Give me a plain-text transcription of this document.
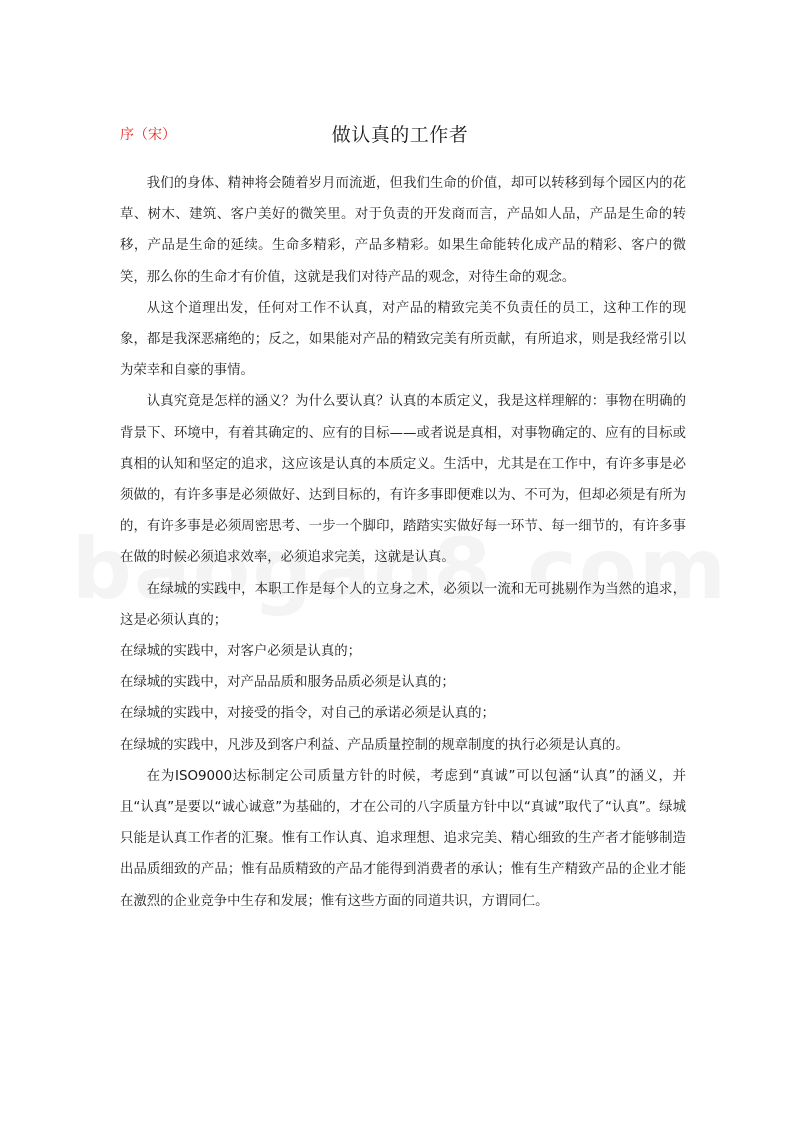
序（宋）	做认真的工作者

我们的身体、精神将会随着岁月而流逝，但我们生命的价值，却可以转移到每个园区内的花草、树木、建筑、客户美好的微笑里。对于负责的开发商而言，产品如人品，产品是生命的转移，产品是生命的延续。生命多精彩，产品多精彩。如果生命能转化成产品的精彩、客户的微笑，那么你的生命才有价值，这就是我们对待产品的观念，对待生命的观念。

从这个道理出发，任何对工作不认真，对产品的精致完美不负责任的员工，这种工作的现象，都是我深恶痛绝的；反之，如果能对产品的精致完美有所贡献，有所追求，则是我经常引以为荣幸和自豪的事情。

认真究竟是怎样的涵义？为什么要认真？认真的本质定义，我是这样理解的：事物在明确的背景下、环境中，有着其确定的、应有的目标——或者说是真相，对事物确定的、应有的目标或真相的认知和坚定的追求，这应该是认真的本质定义。生活中，尤其是在工作中，有许多事是必须做的，有许多事是必须做好、达到目标的，有许多事即便难以为、不可为，但却必须是有所为的，有许多事是必须周密思考、一步一个脚印，踏踏实实做好每一环节、每一细节的，有许多事在做的时候必须追求效率，必须追求完美，这就是认真。

在绿城的实践中，本职工作是每个人的立身之术，必须以一流和无可挑剔作为当然的追求，这是必须认真的；

在绿城的实践中，对客户必须是认真的；

在绿城的实践中，对产品品质和服务品质必须是认真的；

在绿城的实践中，对接受的指令，对自己的承诺必须是认真的；

在绿城的实践中，凡涉及到客户利益、产品质量控制的规章制度的执行必须是认真的。

在为ISO9000达标制定公司质量方针的时候，考虑到“真诚”可以包涵“认真”的涵义，并且“认真”是要以“诚心诚意”为基础的，才在公司的八字质量方针中以“真诚”取代了“认真”。绿城只能是认真工作者的汇聚。惟有工作认真、追求理想、追求完美、精心细致的生产者才能够制造出品质细致的产品；惟有品质精致的产品才能得到消费者的承认；惟有生产精致产品的企业才能在激烈的企业竞争中生存和发展；惟有这些方面的同道共识，方谓同仁。
